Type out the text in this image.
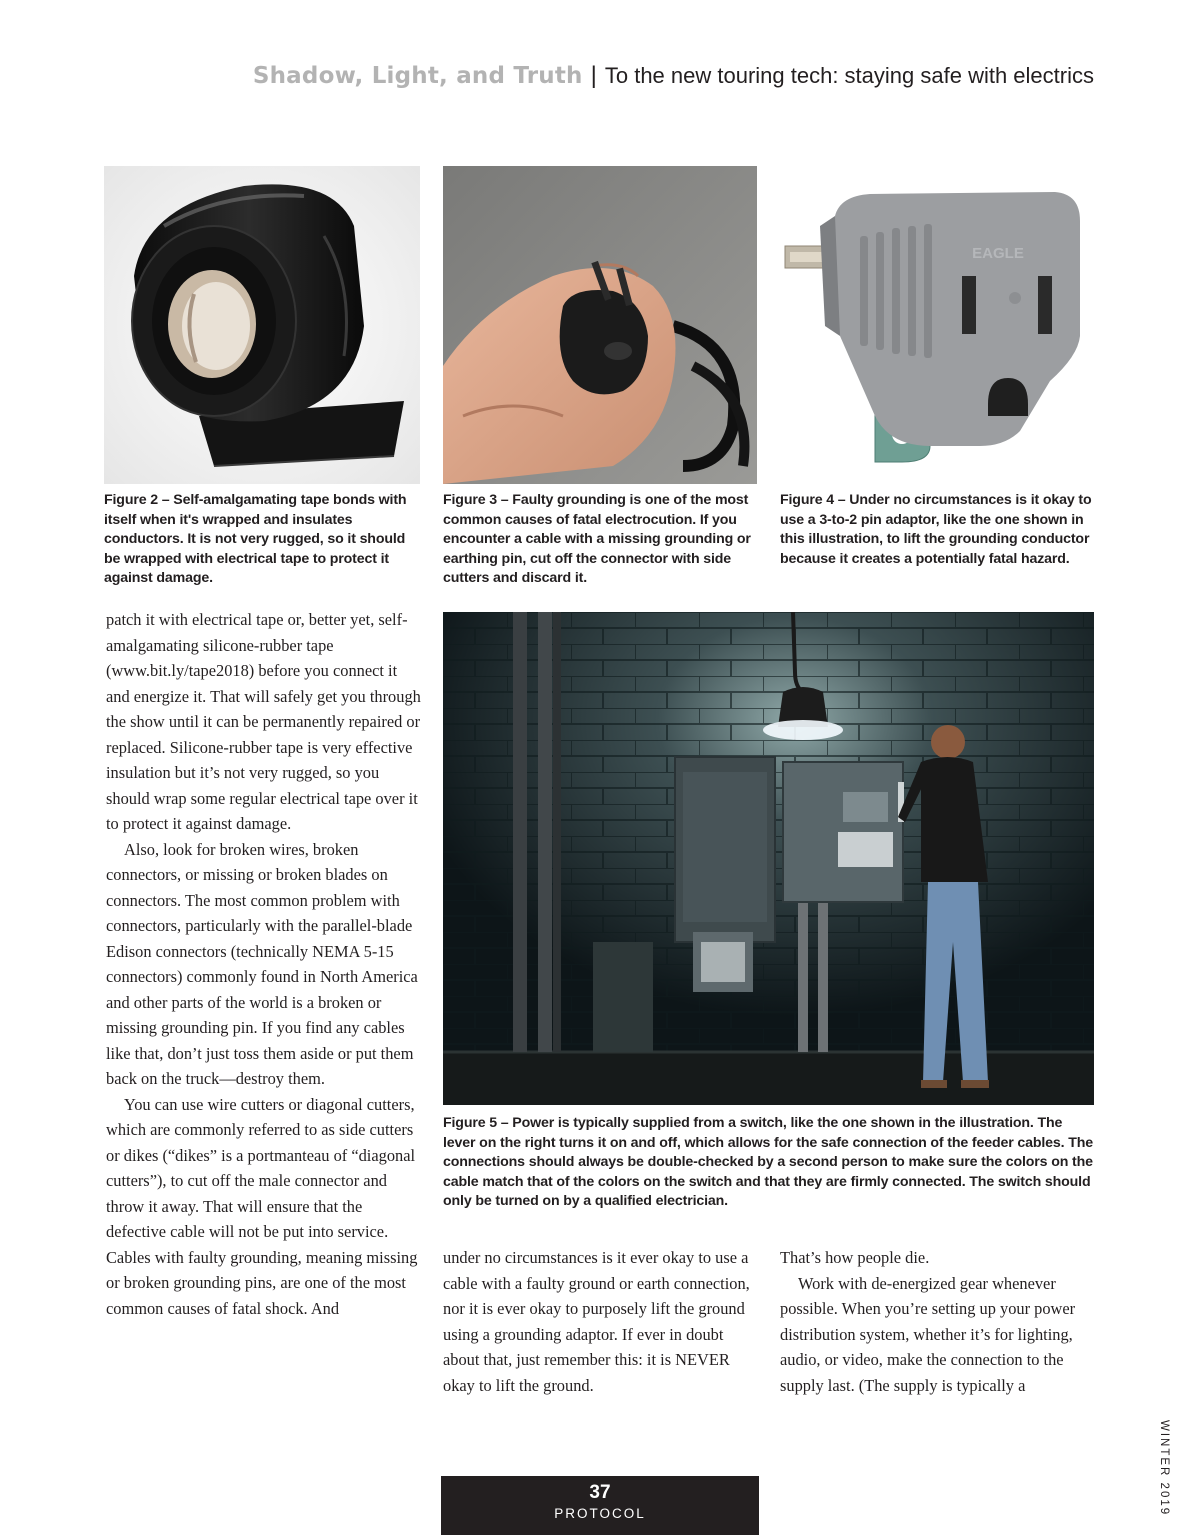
Shadow, Light, and Truth | To the new touring tech: staying safe with electrics
Figure 2 – Self-amalgamating tape bonds with itself when it's wrapped and insulates conductors. It is not very rugged, so it should be wrapped with electrical tape to protect it against damage.
Figure 3 – Faulty grounding is one of the most common causes of fatal electrocution. If you encounter a cable with a missing grounding or earthing pin, cut off the connector with side cutters and discard it.
EAGLE
Figure 4 – Under no circumstances is it okay to use a 3-to-2 pin adaptor, like the one shown in this illustration, to lift the grounding conductor because it creates a potentially fatal hazard.
Figure 5 – Power is typically supplied from a switch, like the one shown in the illustration. The lever on the right turns it on and off, which allows for the safe connection of the feeder cables. The connections should always be double-checked by a second person to make sure the colors on the cable match that of the colors on the switch and that they are firmly connected. The switch should only be turned on by a qualified electrician.

patch it with electrical tape or, better yet, self-amalgamating silicone-rubber tape (www.bit.ly/tape2018) before you connect it and energize it. That will safely get you through the show until it can be permanently repaired or replaced. Silicone-rubber tape is very effective insulation but it’s not very rugged, so you should wrap some regular electrical tape over it to protect it against damage.

Also, look for broken wires, broken connectors, or missing or broken blades on connectors. The most common problem with connectors, particularly with the parallel-blade Edison connectors (technically NEMA 5-15 connectors) commonly found in North America and other parts of the world is a broken or missing grounding pin. If you find any cables like that, don’t just toss them aside or put them back on the truck—destroy them.

You can use wire cutters or diagonal cutters, which are commonly referred to as side cutters or dikes (“dikes” is a portmanteau of “diagonal cutters”), to cut off the male connector and throw it away. That will ensure that the defective cable will not be put into service. Cables with faulty grounding, meaning missing or broken grounding pins, are one of the most common causes of fatal shock. And

under no circumstances is it ever okay to use a cable with a faulty ground or earth connection, nor it is ever okay to purposely lift the ground using a grounding adaptor. If ever in doubt about that, just remember this: it is NEVER okay to lift the ground.

That’s how people die.

Work with de-energized gear whenever possible. When you’re setting up your power distribution system, whether it’s for lighting, audio, or video, make the connection to the supply last. (The supply is typically a

WINTER 2019
37
PROTOCOL
